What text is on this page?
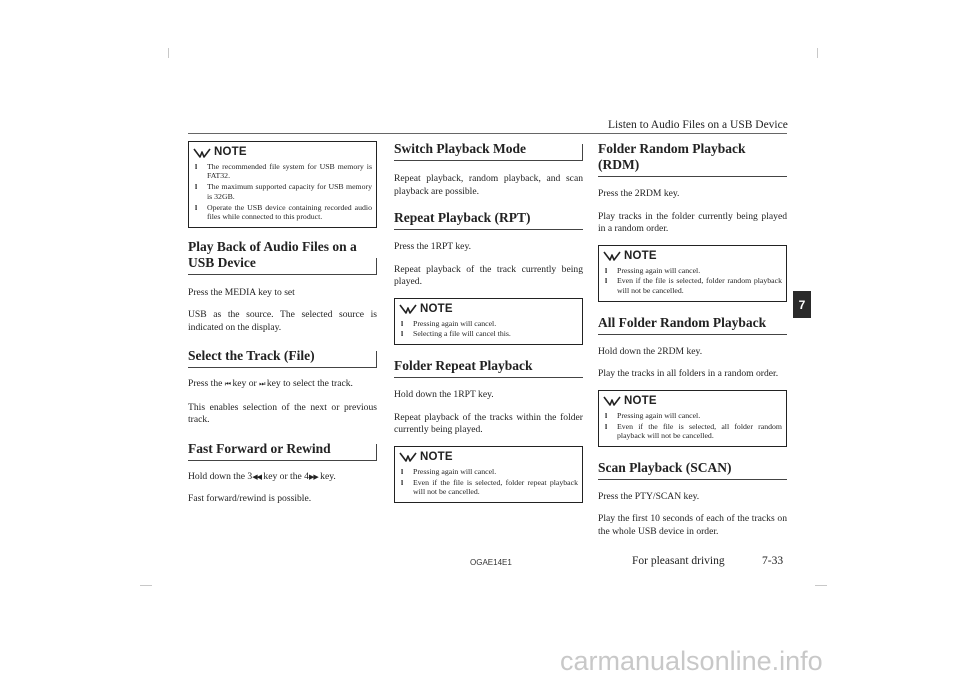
Listen to Audio Files on a USB Device
7
NOTE
l The recommended file system for USB memory is FAT32.
l The maximum supported capacity for USB memory is 32GB.
l Operate the USB device containing recorded audio files while connected to this product.
Play Back of Audio Files on a USB Device

Press the MEDIA key to set

USB as the source. The selected source is indicated on the display.

Select the Track (File)

Press the ⏮ key or ⏭ key to select the track.

This enables selection of the next or previous track.

Fast Forward or Rewind

Hold down the 3◀◀ key or the 4▶▶ key.

Fast forward/rewind is possible.

Switch Playback Mode

Repeat playback, random playback, and scan playback are possible.

Repeat Playback (RPT)

Press the 1RPT key.

Repeat playback of the track currently being played.

NOTE
l Pressing again will cancel.
l Selecting a file will cancel this.
Folder Repeat Playback

Hold down the 1RPT key.

Repeat playback of the tracks within the folder currently being played.

NOTE
l Pressing again will cancel.
l Even if the file is selected, folder repeat playback will not be cancelled.
Folder Random Playback (RDM)

Press the 2RDM key.

Play tracks in the folder currently being played in a random order.

NOTE
l Pressing again will cancel.
l Even if the file is selected, folder random playback will not be cancelled.
All Folder Random Playback

Hold down the 2RDM key.

Play the tracks in all folders in a random order.

NOTE
l Pressing again will cancel.
l Even if the file is selected, all folder random playback will not be cancelled.
Scan Playback (SCAN)

Press the PTY/SCAN key.

Play the first 10 seconds of each of the tracks on the whole USB device in order.

OGAE14E1	For pleasant driving	7-33
carmanualsonline.info
